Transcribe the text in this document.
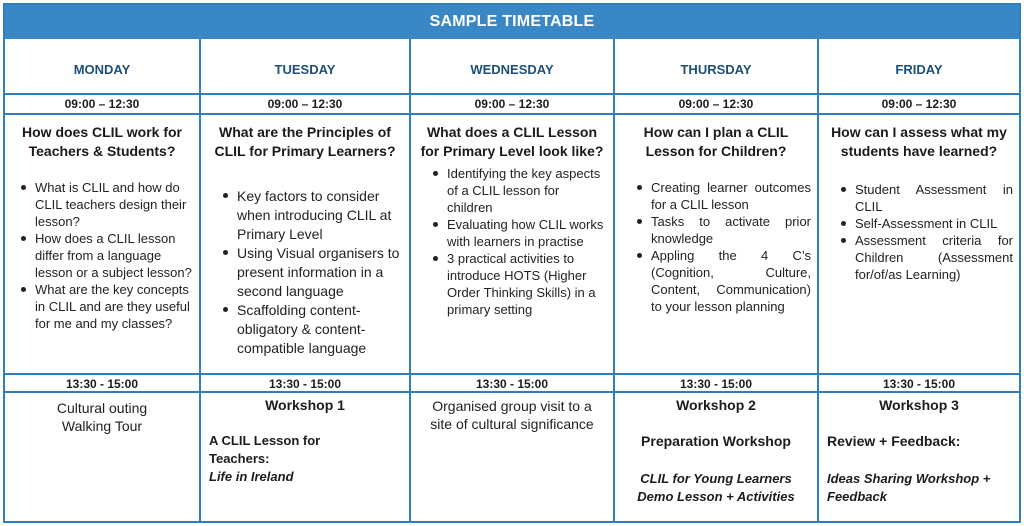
SAMPLE TIMETABLE
MONDAY
09:00 – 12:30
How does CLIL work for Teachers & Students?
What is CLIL and how do CLIL teachers design their lesson?
How does a CLIL lesson differ from a language lesson or a subject lesson?
What are the key concepts in CLIL and are they useful for me and my classes?
13:30 - 15:00
Cultural outing
Walking Tour
TUESDAY
09:00 – 12:30
What are the Principles of CLIL for Primary Learners?
Key factors to consider when introducing CLIL at Primary Level
Using Visual organisers to present information in a second language
Scaffolding content-obligatory & content-compatible language
13:30 - 15:00
Workshop 1
A CLIL Lesson for
Teachers:
Life in Ireland
WEDNESDAY
09:00 – 12:30
What does a CLIL Lesson for Primary Level look like?
Identifying the key aspects of a CLIL lesson for children
Evaluating how CLIL works with learners in practise
3 practical activities to introduce HOTS (Higher Order Thinking Skills) in a primary setting
13:30 - 15:00
Organised group visit to a site of cultural significance
THURSDAY
09:00 – 12:30
How can I plan a CLIL Lesson for Children?
Creating learner outcomes for a CLIL lesson
Tasks to activate prior knowledge
Appling the 4 C’s (Cognition, Culture, Content, Communication) to your lesson planning
13:30 - 15:00
Workshop 2
Preparation Workshop
CLIL for Young Learners
Demo Lesson + Activities
FRIDAY
09:00 – 12:30
How can I assess what my students have learned?
Student Assessment in CLIL
Self-Assessment in CLIL
Assessment criteria for Children (Assessment for/of/as Learning)
13:30 - 15:00
Workshop 3
Review + Feedback:
Ideas Sharing Workshop +
Feedback
